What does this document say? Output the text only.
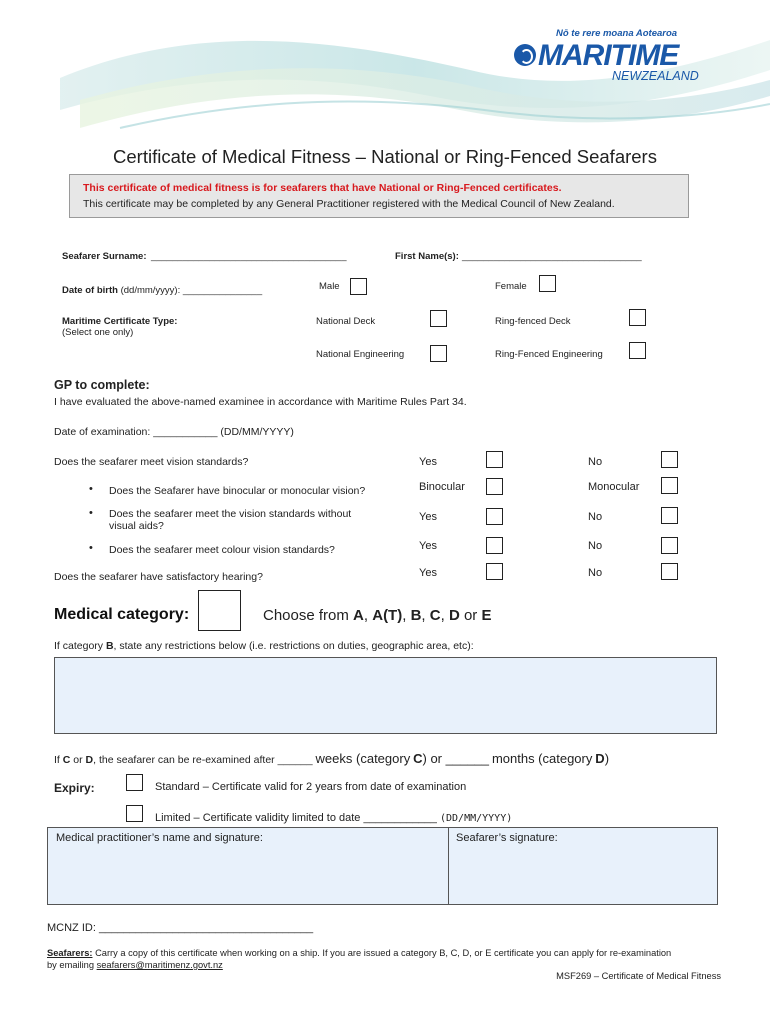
Nō te rere moana Aotearoa
MARITIME
NEWZEALAND
Certificate of Medical Fitness – National or Ring-Fenced Seafarers
This certificate of medical fitness is for seafarers that have National or Ring-Fenced certificates.
This certificate may be completed by any General Practitioner registered with the Medical Council of New Zealand.
Seafarer Surname: _____________________________________	First Name(s): __________________________________
Date of birth (dd/mm/yyyy): _______________	Male	Female
Maritime Certificate Type:
(Select one only)
National Deck	Ring-fenced Deck
National Engineering	Ring-Fenced Engineering
GP to complete:
I have evaluated the above-named examinee in accordance with Maritime Rules Part 34.
Date of examination: ___________ (DD/MM/YYYY)
Does the seafarer meet vision standards?	Yes	No
• Does the Seafarer have binocular or monocular vision?	Binocular	Monocular
• Does the seafarer meet the vision standards without
visual aids?
Yes	No
• Does the seafarer meet colour vision standards?	Yes	No
Does the seafarer have satisfactory hearing?	Yes	No
Medical category:	Choose from A, A(T), B, C, D or E
If category B, state any restrictions below (i.e. restrictions on duties, geographic area, etc):
If C or D, the seafarer can be re-examined after ______ weeks (category C) or ______ months (category D)
Expiry:	Standard – Certificate valid for 2 years from date of examination
Limited – Certificate validity limited to date ____________ (DD/MM/YYYY)
Medical practitioner’s name and signature:	Seafarer’s signature:
MCNZ ID: ___________________________________
Seafarers: Carry a copy of this certificate when working on a ship. If you are issued a category B, C, D, or E certificate you can apply for re-examination
by emailing seafarers@maritimenz.govt.nz
MSF269 – Certificate of Medical Fitness
